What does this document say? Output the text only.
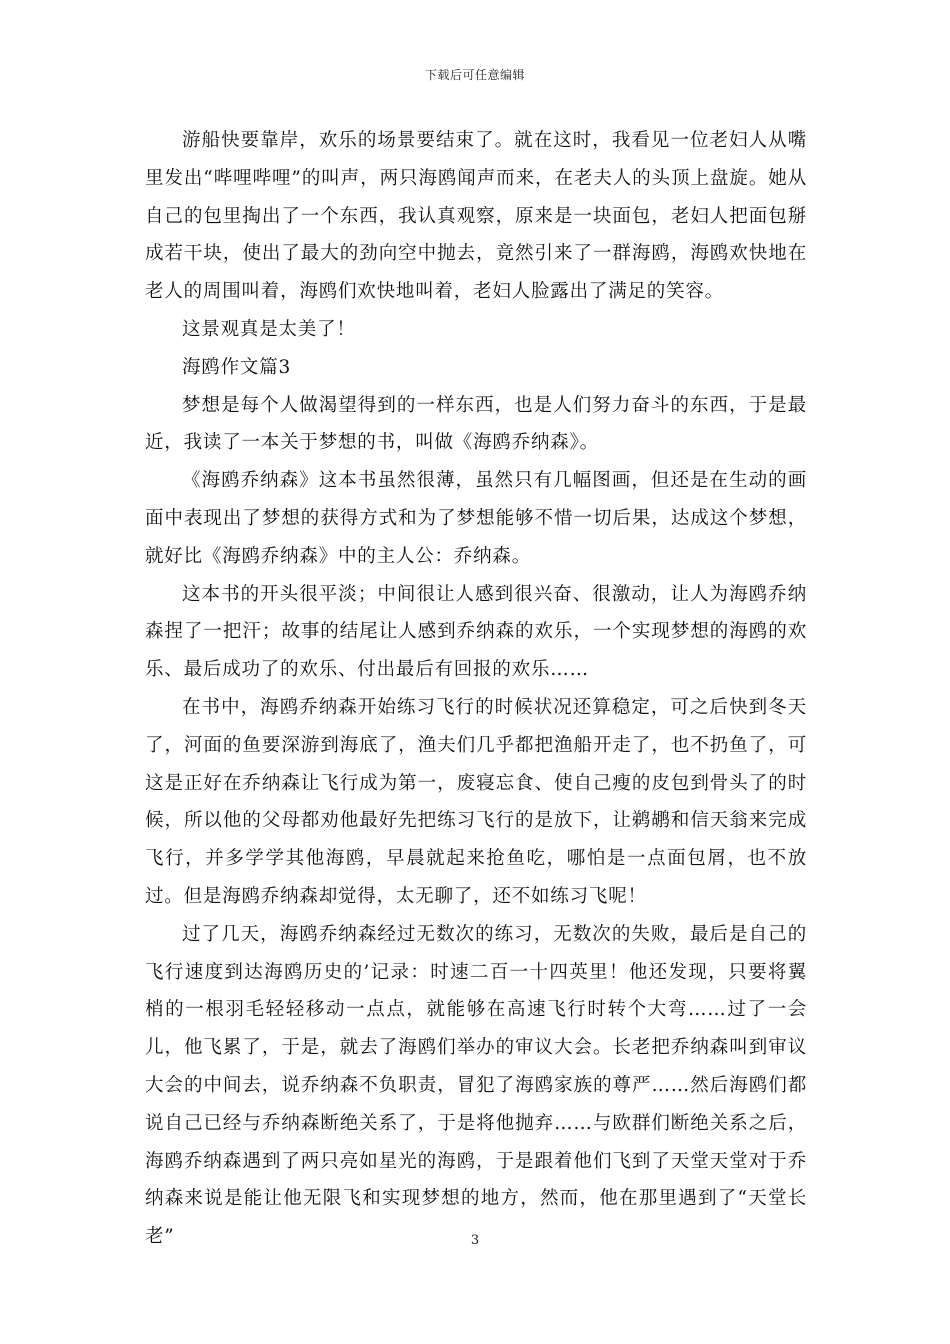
下载后可任意编辑

游船快要靠岸，欢乐的场景要结束了。就在这时，我看见一位老妇人从嘴里发出“哔哩哔哩”的叫声，两只海鸥闻声而来，在老夫人的头顶上盘旋。她从自己的包里掏出了一个东西，我认真观察，原来是一块面包，老妇人把面包掰成若干块，使出了最大的劲向空中抛去，竟然引来了一群海鸥，海鸥欢快地在老人的周围叫着，海鸥们欢快地叫着，老妇人脸露出了满足的笑容。

这景观真是太美了！

海鸥作文篇3

梦想是每个人做渴望得到的一样东西，也是人们努力奋斗的东西，于是最近，我读了一本关于梦想的书，叫做《海鸥乔纳森》。

《海鸥乔纳森》这本书虽然很薄，虽然只有几幅图画，但还是在生动的画面中表现出了梦想的获得方式和为了梦想能够不惜一切后果，达成这个梦想，就好比《海鸥乔纳森》中的主人公：乔纳森。

这本书的开头很平淡；中间很让人感到很兴奋、很激动，让人为海鸥乔纳森捏了一把汗；故事的结尾让人感到乔纳森的欢乐，一个实现梦想的海鸥的欢乐、最后成功了的欢乐、付出最后有回报的欢乐……

在书中，海鸥乔纳森开始练习飞行的时候状况还算稳定，可之后快到冬天了，河面的鱼要深游到海底了，渔夫们几乎都把渔船开走了，也不扔鱼了，可这是正好在乔纳森让飞行成为第一，废寝忘食、使自己瘦的皮包到骨头了的时候，所以他的父母都劝他最好先把练习飞行的是放下，让鹈鹕和信天翁来完成飞行，并多学学其他海鸥，早晨就起来抢鱼吃，哪怕是一点面包屑，也不放过。但是海鸥乔纳森却觉得，太无聊了，还不如练习飞呢！

过了几天，海鸥乔纳森经过无数次的练习，无数次的失败，最后是自己的飞行速度到达海鸥历史的’记录：时速二百一十四英里！他还发现，只要将翼梢的一根羽毛轻轻移动一点点，就能够在高速飞行时转个大弯……过了一会儿，他飞累了，于是，就去了海鸥们举办的审议大会。长老把乔纳森叫到审议大会的中间去，说乔纳森不负职责，冒犯了海鸥家族的尊严……然后海鸥们都说自己已经与乔纳森断绝关系了，于是将他抛弃……与欧群们断绝关系之后，海鸥乔纳森遇到了两只亮如星光的海鸥，于是跟着他们飞到了天堂天堂对于乔纳森来说是能让他无限飞和实现梦想的地方，然而，他在那里遇到了“天堂长老”	3
